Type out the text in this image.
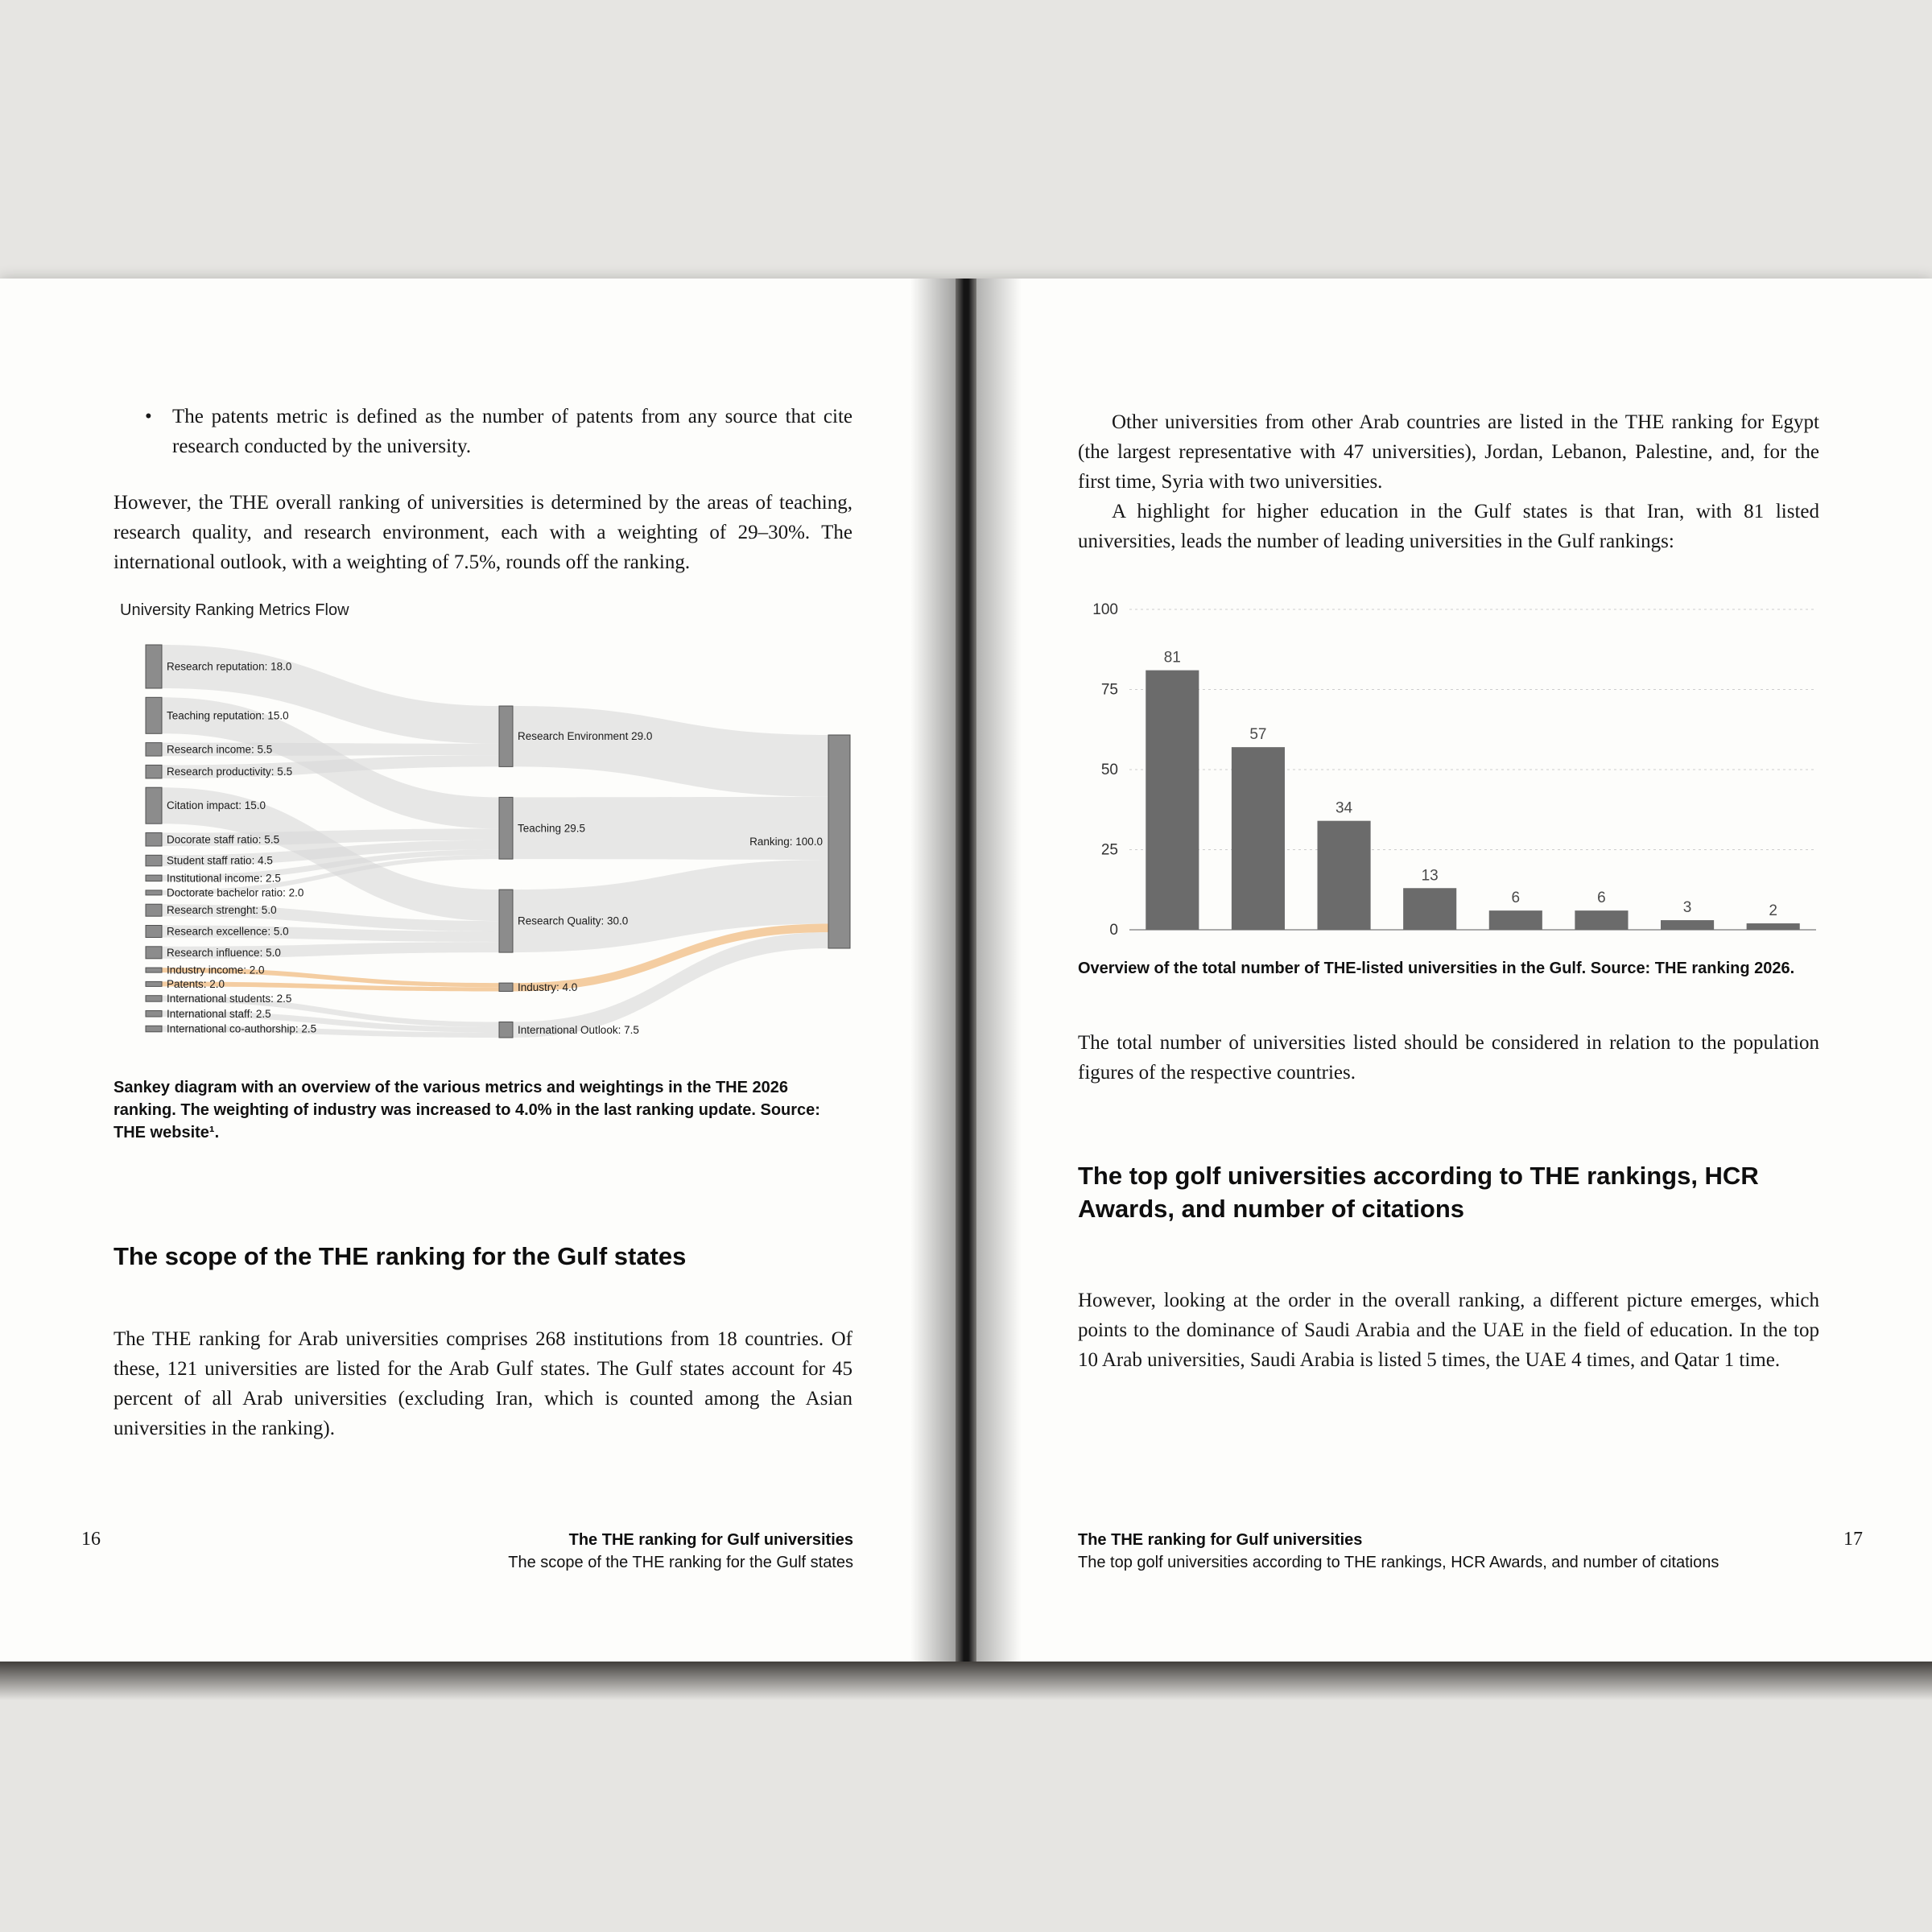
•	The patents metric is defined as the number of patents from any source that cite research conducted by the university.

However, the THE overall ranking of universities is determined by the areas of teaching, research quality, and research environment, each with a weighting of 29–30%. The international outlook, with a weighting of 7.5%, rounds off the ranking.

University Ranking Metrics Flow
Research reputation: 18.0
Teaching reputation: 15.0
Research income: 5.5
Research productivity: 5.5
Citation impact: 15.0
Docorate staff ratio: 5.5
Student staff ratio: 4.5
Institutional income: 2.5
Doctorate bachelor ratio: 2.0
Research strenght: 5.0
Research excellence: 5.0
Research influence: 5.0
Industry income: 2.0
Patents: 2.0
International students: 2.5
International staff: 2.5
International co-authorship: 2.5
Research Environment 29.0
Teaching 29.5
Research Quality: 30.0
Industry: 4.0
International Outlook: 7.5
Ranking: 100.0

Sankey diagram with an overview of the various metrics and weightings in the THE 2026 ranking. The weighting of industry was increased to 4.0% in the last ranking update. Source: THE website¹.

The scope of the THE ranking for the Gulf states

The THE ranking for Arab universities comprises 268 institutions from 18 countries. Of these, 121 universities are listed for the Arab Gulf states. The Gulf states account for 45 percent of all Arab universities (excluding Iran, which is counted among the Asian universities in the ranking).

The THE ranking for Gulf universities
The scope of the THE ranking for the Gulf states
16

Other universities from other Arab countries are listed in the THE ranking for Egypt (the largest representative with 47 universities), Jordan, Lebanon, Palestine, and, for the first time, Syria with two universities.

A highlight for higher education in the Gulf states is that Iran, with 81 listed universities, leads the number of leading universities in the Gulf rankings:

0
25
50
75
100
81
57
34
13
6	6
3	2

Overview of the total number of THE-listed universities in the Gulf. Source: THE ranking 2026.

The total number of universities listed should be considered in relation to the population figures of the respective countries.

The top golf universities according to THE rankings, HCR Awards, and number of citations

However, looking at the order in the overall ranking, a different picture emerges, which points to the dominance of Saudi Arabia and the UAE in the field of education. In the top 10 Arab universities, Saudi Arabia is listed 5 times, the UAE 4 times, and Qatar 1 time.

The THE ranking for Gulf universities
The top golf universities according to THE rankings, HCR Awards, and number of citations
17
